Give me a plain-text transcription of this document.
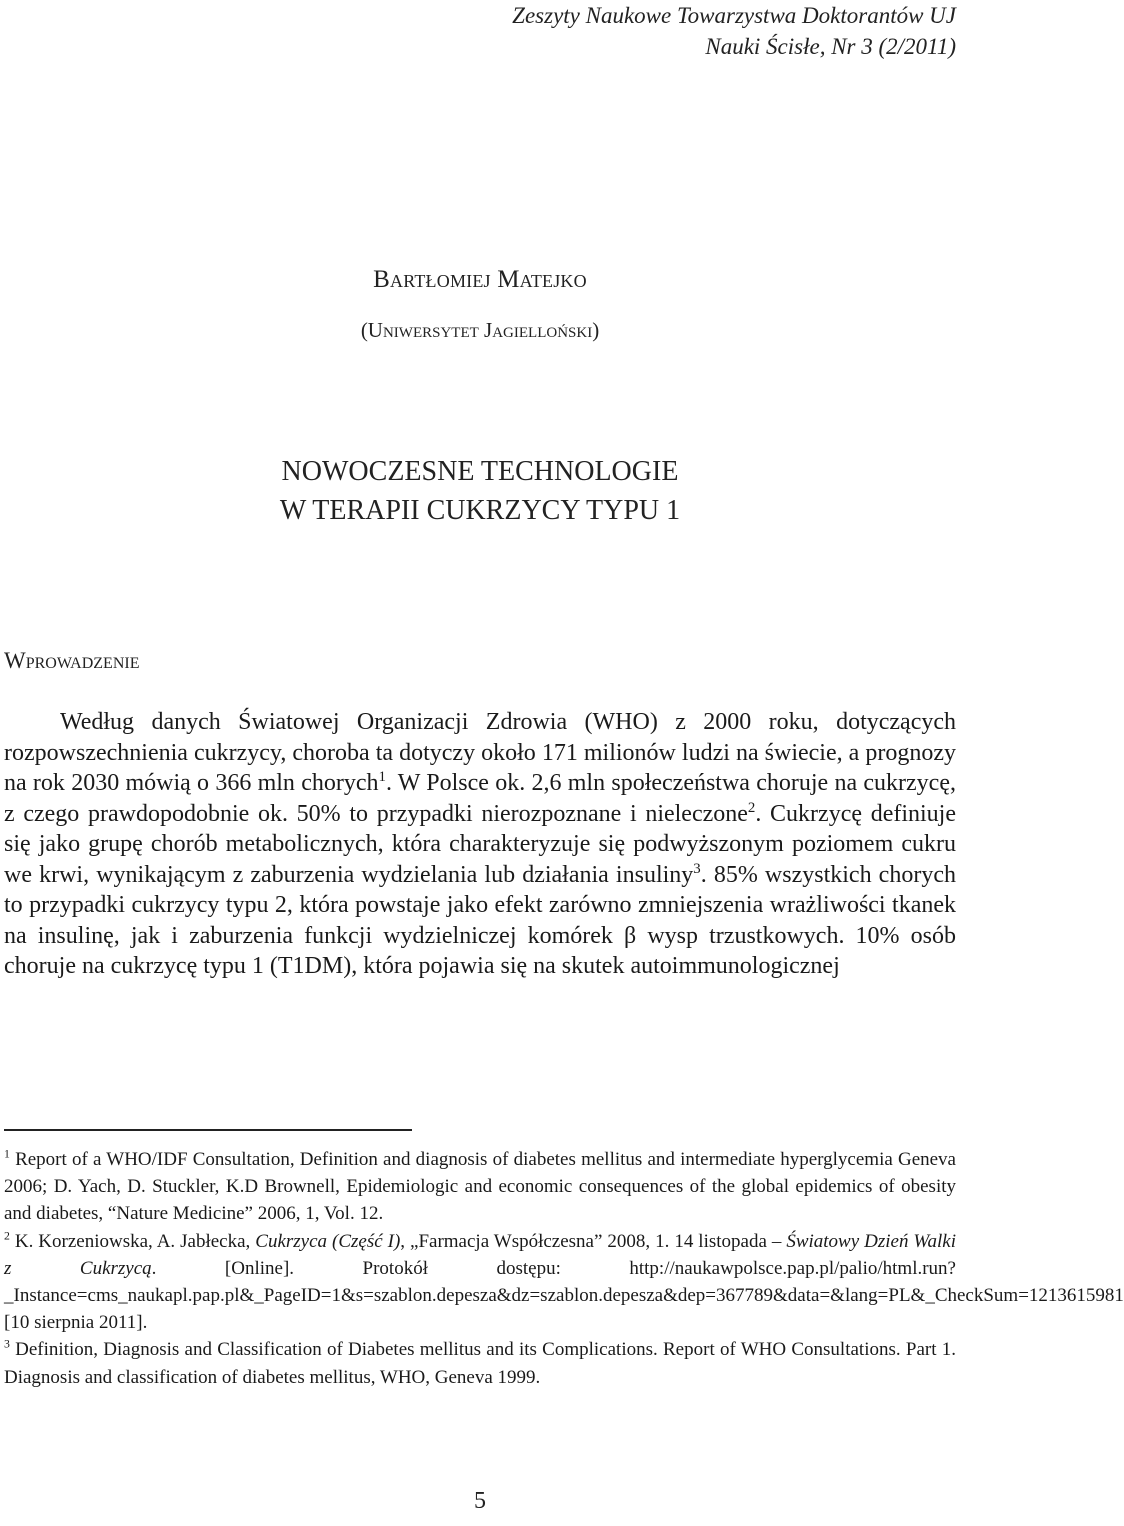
Zeszyty Naukowe Towarzystwa Doktorantów UJ
Nauki Ścisłe, Nr 3 (2/2011)
Bartłomiej Matejko
(Uniwersytet Jagielloński)
NOWOCZESNE TECHNOLOGIE
W TERAPII CUKRZYCY TYPU 1
Wprowadzenie

Według danych Światowej Organizacji Zdrowia (WHO) z 2000 roku, dotyczących rozpowszechnienia cukrzycy, choroba ta dotyczy około 171 milionów ludzi na świecie, a prognozy na rok 2030 mówią o 366 mln chorych$^1$. W Polsce ok. 2,6 mln społeczeństwa choruje na cukrzycę, z czego prawdopodobnie ok. 50% to przypadki nierozpoznane i nieleczone$^2$. Cukrzycę definiuje się jako grupę chorób metabolicznych, która charakteryzuje się podwyższonym poziomem cukru we krwi, wynikającym z zaburzenia wydzielania lub działania insuliny$^3$. 85% wszystkich chorych to przypadki cukrzycy typu 2, która powstaje jako efekt zarówno zmniejszenia wrażliwości tkanek na insulinę, jak i zaburzenia funkcji wydzielniczej komórek β wysp trzustkowych. 10% osób choruje na cukrzycę typu 1 (T1DM), która pojawia się na skutek autoimmunologicznej

$^1$ Report of a WHO/IDF Consultation, Definition and diagnosis of diabetes mellitus and intermediate hyperglycemia Geneva 2006; D. Yach, D. Stuckler, K.D Brownell, Epidemiologic and economic consequences of the global epidemics of obesity and diabetes, “Nature Medicine” 2006, 1, Vol. 12.

$^2$ K. Korzeniowska, A. Jabłecka, Cukrzyca (Część I), „Farmacja Współczesna” 2008, 1. 14 listopada – Światowy Dzień Walki z Cukrzycą. [Online]. Protokół dostępu: http://naukawpolsce.pap.pl/palio/html.run?_Instance=cms_naukapl.pap.pl&_PageID=1&s=szablon.depesza&dz=szablon.depesza&dep=367789&data=&lang=PL&_CheckSum=1213615981 [10 sierpnia 2011].

$^3$ Definition, Diagnosis and Classification of Diabetes mellitus and its Complications. Report of WHO Consultations. Part 1. Diagnosis and classification of diabetes mellitus, WHO, Geneva 1999.

5
